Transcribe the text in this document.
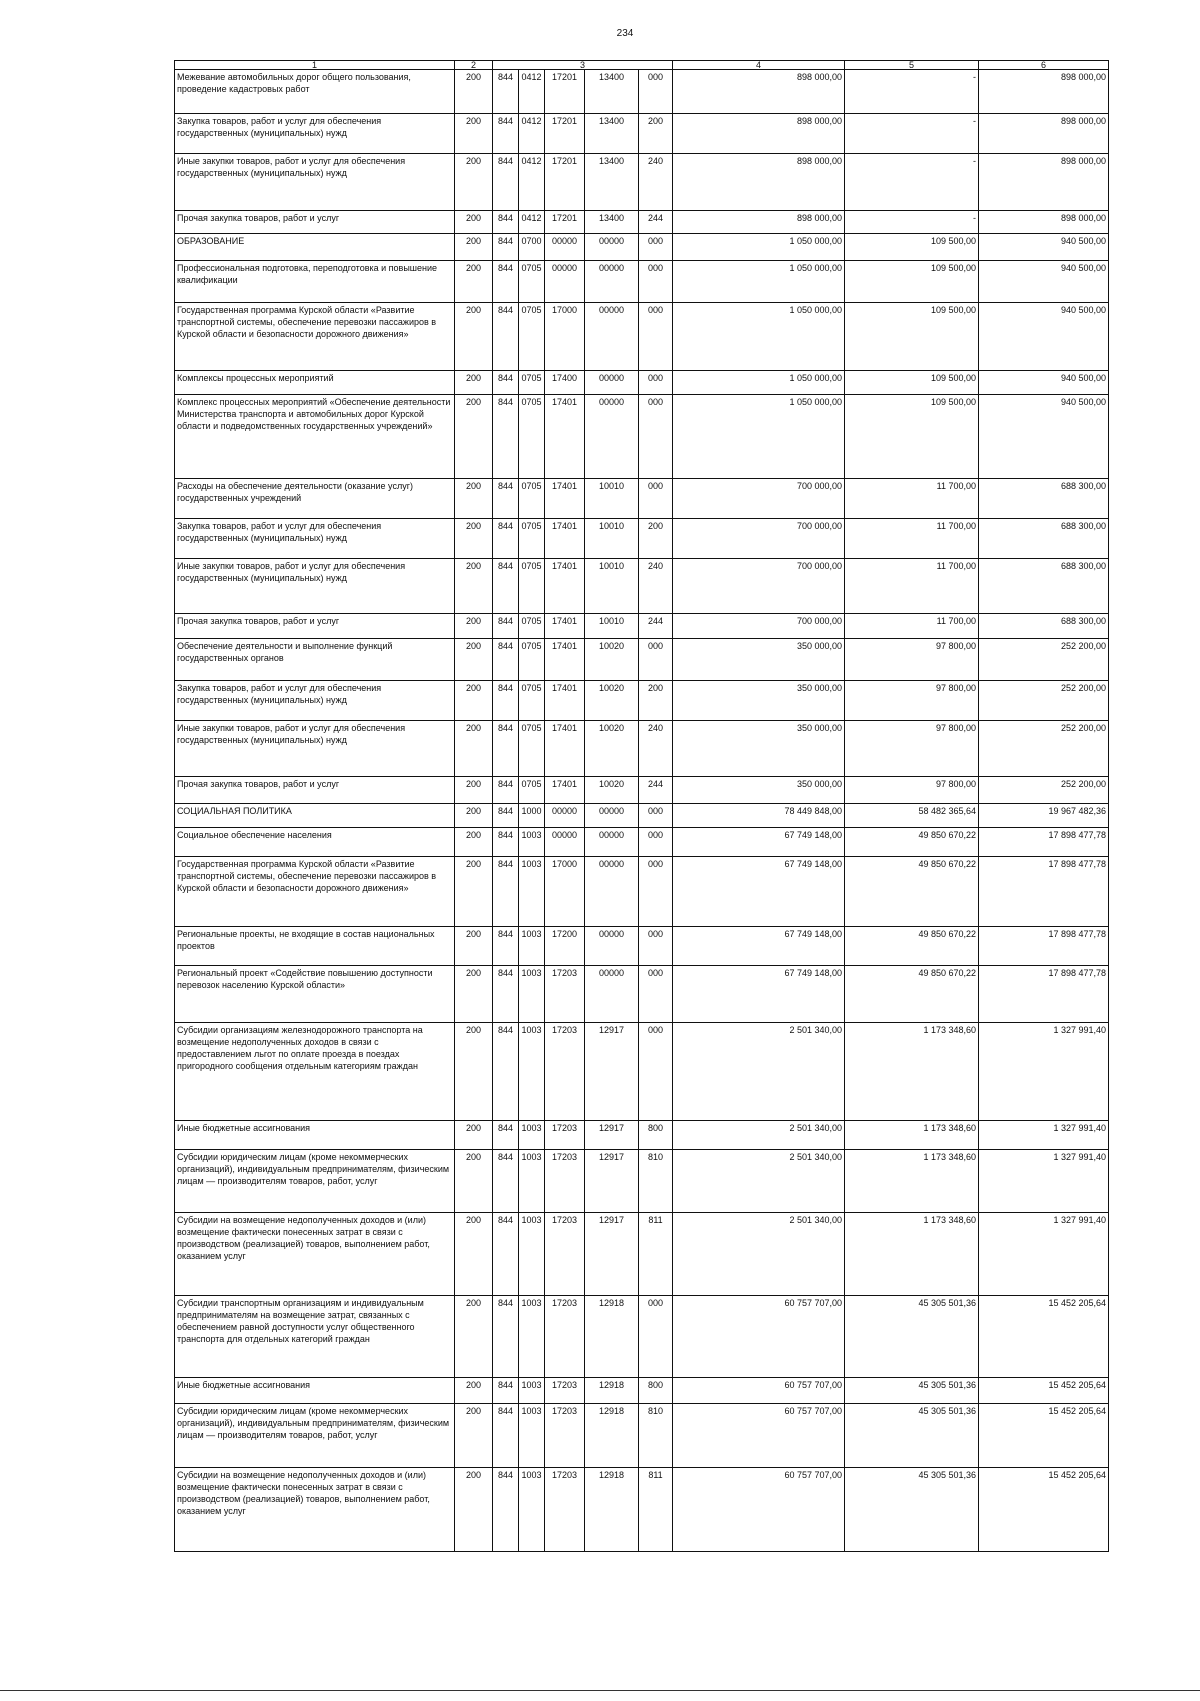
234
1	2	3					4	5	6
Межевание автомобильных дорог общего пользования, проведение кадастровых работ	200	844	0412	17201	13400	000	898 000,00	-	898 000,00
Закупка товаров, работ и услуг для обеспечения государственных (муниципальных) нужд	200	844	0412	17201	13400	200	898 000,00	-	898 000,00
Иные закупки товаров, работ и услуг для обеспечения государственных (муниципальных) нужд	200	844	0412	17201	13400	240	898 000,00	-	898 000,00
Прочая закупка товаров, работ и услуг	200	844	0412	17201	13400	244	898 000,00	-	898 000,00
ОБРАЗОВАНИЕ	200	844	0700	00000	00000	000	1 050 000,00	109 500,00	940 500,00
Профессиональная подготовка, переподготовка и повышение квалификации	200	844	0705	00000	00000	000	1 050 000,00	109 500,00	940 500,00
Государственная программа Курской области «Развитие транспортной системы, обеспечение перевозки пассажиров в Курской области и безопасности дорожного движения»	200	844	0705	17000	00000	000	1 050 000,00	109 500,00	940 500,00
Комплексы процессных мероприятий	200	844	0705	17400	00000	000	1 050 000,00	109 500,00	940 500,00
Комплекс процессных мероприятий «Обеспечение деятельности Министерства транспорта и автомобильных дорог Курской области и подведомственных государственных учреждений»	200	844	0705	17401	00000	000	1 050 000,00	109 500,00	940 500,00
Расходы на обеспечение деятельности (оказание услуг) государственных учреждений	200	844	0705	17401	10010	000	700 000,00	11 700,00	688 300,00
Закупка товаров, работ и услуг для обеспечения государственных (муниципальных) нужд	200	844	0705	17401	10010	200	700 000,00	11 700,00	688 300,00
Иные закупки товаров, работ и услуг для обеспечения государственных (муниципальных) нужд	200	844	0705	17401	10010	240	700 000,00	11 700,00	688 300,00
Прочая закупка товаров, работ и услуг	200	844	0705	17401	10010	244	700 000,00	11 700,00	688 300,00
Обеспечение деятельности и выполнение функций государственных органов	200	844	0705	17401	10020	000	350 000,00	97 800,00	252 200,00
Закупка товаров, работ и услуг для обеспечения государственных (муниципальных) нужд	200	844	0705	17401	10020	200	350 000,00	97 800,00	252 200,00
Иные закупки товаров, работ и услуг для обеспечения государственных (муниципальных) нужд	200	844	0705	17401	10020	240	350 000,00	97 800,00	252 200,00
Прочая закупка товаров, работ и услуг	200	844	0705	17401	10020	244	350 000,00	97 800,00	252 200,00
СОЦИАЛЬНАЯ ПОЛИТИКА	200	844	1000	00000	00000	000	78 449 848,00	58 482 365,64	19 967 482,36
Социальное обеспечение населения	200	844	1003	00000	00000	000	67 749 148,00	49 850 670,22	17 898 477,78
Государственная программа Курской области «Развитие транспортной системы, обеспечение перевозки пассажиров в Курской области и безопасности дорожного движения»	200	844	1003	17000	00000	000	67 749 148,00	49 850 670,22	17 898 477,78
Региональные проекты, не входящие в состав национальных проектов	200	844	1003	17200	00000	000	67 749 148,00	49 850 670,22	17 898 477,78
Региональный проект «Содействие повышению доступности перевозок населению Курской области»	200	844	1003	17203	00000	000	67 749 148,00	49 850 670,22	17 898 477,78
Субсидии организациям железнодорожного транспорта на возмещение недополученных доходов в связи с предоставлением льгот по оплате проезда в поездах пригородного сообщения отдельным категориям граждан	200	844	1003	17203	12917	000	2 501 340,00	1 173 348,60	1 327 991,40
Иные бюджетные ассигнования	200	844	1003	17203	12917	800	2 501 340,00	1 173 348,60	1 327 991,40
Субсидии юридическим лицам (кроме некоммерческих организаций), индивидуальным предпринимателям, физическим лицам — производителям товаров, работ, услуг	200	844	1003	17203	12917	810	2 501 340,00	1 173 348,60	1 327 991,40
Субсидии на возмещение недополученных доходов и (или) возмещение фактически понесенных затрат в связи с производством (реализацией) товаров, выполнением работ, оказанием услуг	200	844	1003	17203	12917	811	2 501 340,00	1 173 348,60	1 327 991,40
Субсидии транспортным организациям и индивидуальным предпринимателям на возмещение затрат, связанных с обеспечением равной доступности услуг общественного транспорта для отдельных категорий граждан	200	844	1003	17203	12918	000	60 757 707,00	45 305 501,36	15 452 205,64
Иные бюджетные ассигнования	200	844	1003	17203	12918	800	60 757 707,00	45 305 501,36	15 452 205,64
Субсидии юридическим лицам (кроме некоммерческих организаций), индивидуальным предпринимателям, физическим лицам — производителям товаров, работ, услуг	200	844	1003	17203	12918	810	60 757 707,00	45 305 501,36	15 452 205,64
Субсидии на возмещение недополученных доходов и (или) возмещение фактически понесенных затрат в связи с производством (реализацией) товаров, выполнением работ, оказанием услуг	200	844	1003	17203	12918	811	60 757 707,00	45 305 501,36	15 452 205,64
